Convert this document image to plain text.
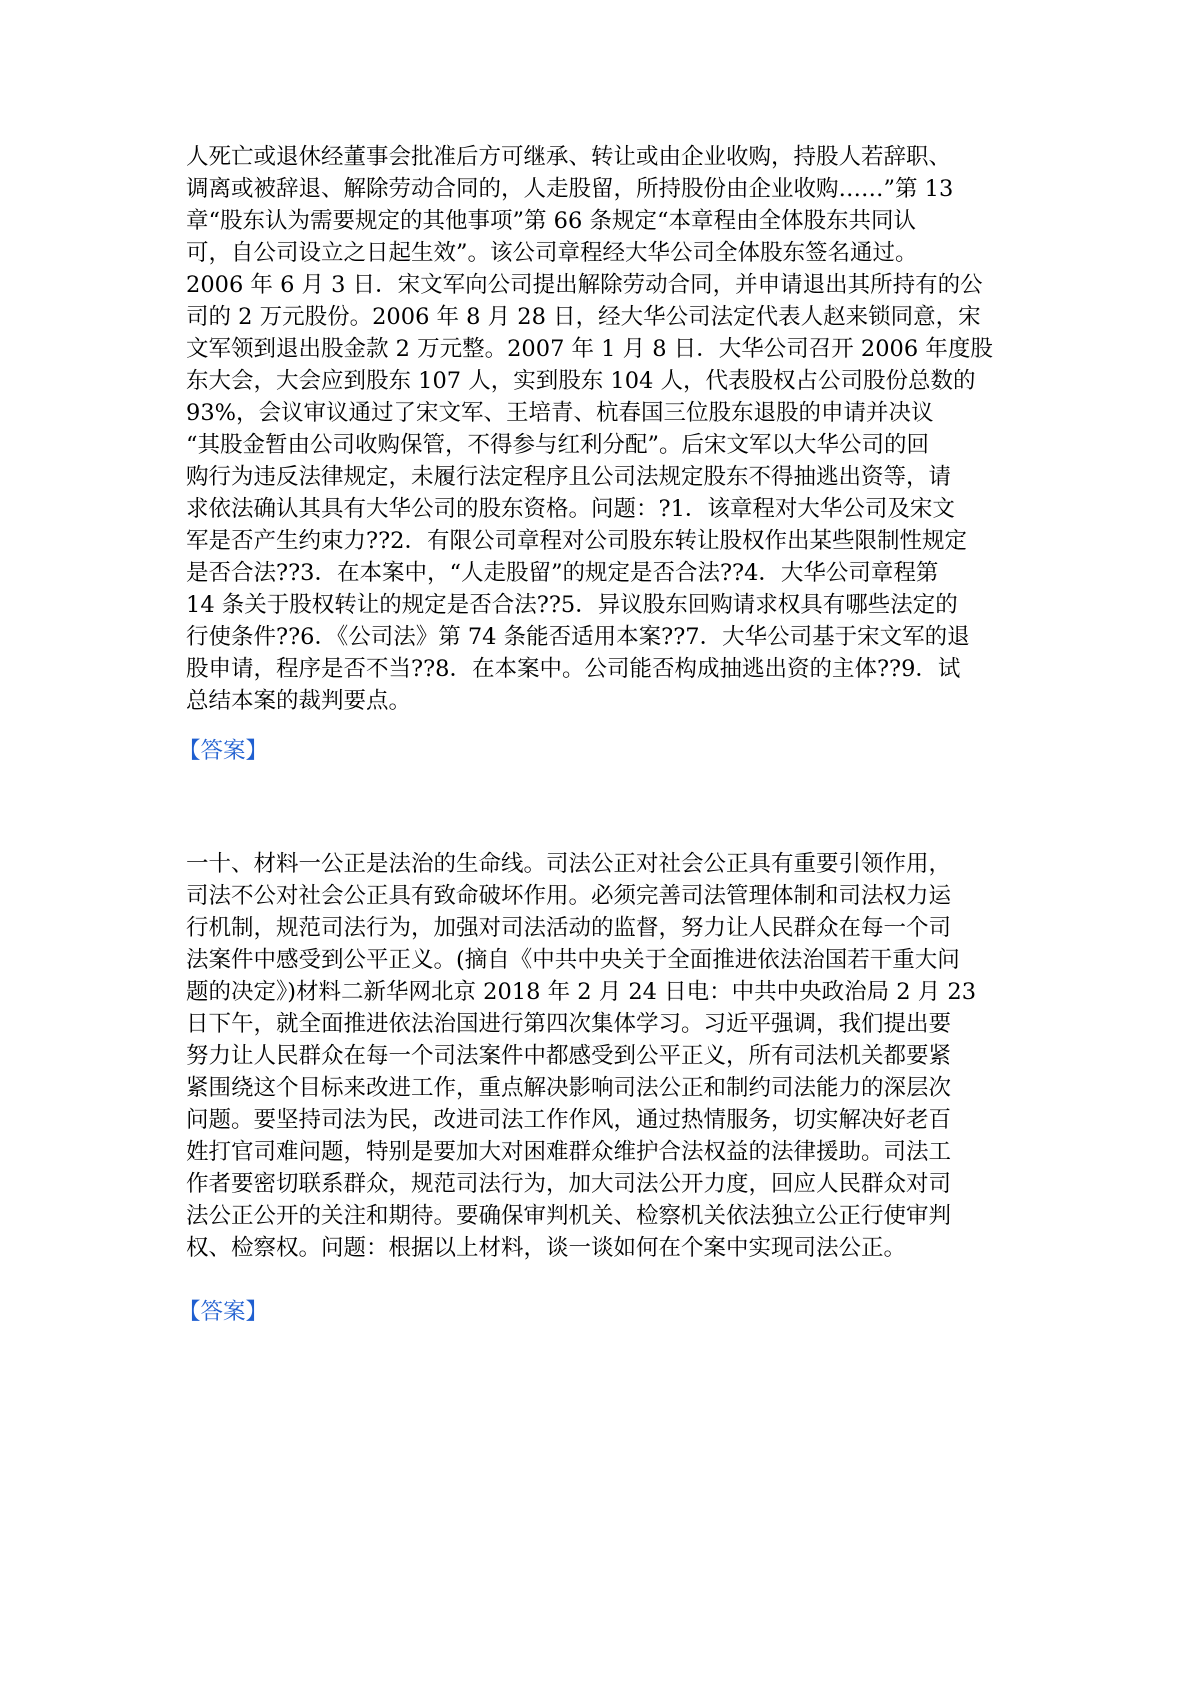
人死亡或退休经董事会批准后方可继承、转让或由企业收购，持股人若辞职、
调离或被辞退、解除劳动合同的，人走股留，所持股份由企业收购……”第 13
章“股东认为需要规定的其他事项”第 66 条规定“本章程由全体股东共同认
可，自公司设立之日起生效”。该公司章程经大华公司全体股东签名通过。
2006 年 6 月 3 日．宋文军向公司提出解除劳动合同，并申请退出其所持有的公
司的 2 万元股份。2006 年 8 月 28 日，经大华公司法定代表人赵来锁同意，宋
文军领到退出股金款 2 万元整。2007 年 1 月 8 日．大华公司召开 2006 年度股
东大会，大会应到股东 107 人，实到股东 104 人，代表股权占公司股份总数的
93%，会议审议通过了宋文军、王培青、杭春国三位股东退股的申请并决议
“其股金暂由公司收购保管，不得参与红利分配”。后宋文军以大华公司的回
购行为违反法律规定，未履行法定程序且公司法规定股东不得抽逃出资等，请
求依法确认其具有大华公司的股东资格。问题：?1．该章程对大华公司及宋文
军是否产生约束力??2．有限公司章程对公司股东转让股权作出某些限制性规定
是否合法??3．在本案中，“人走股留”的规定是否合法??4．大华公司章程第
14 条关于股权转让的规定是否合法??5．异议股东回购请求权具有哪些法定的
行使条件??6．《公司法》第 74 条能否适用本案??7．大华公司基于宋文军的退
股申请，程序是否不当??8．在本案中。公司能否构成抽逃出资的主体??9．试
总结本案的裁判要点。
【答案】
一十、材料一公正是法治的生命线。司法公正对社会公正具有重要引领作用，
司法不公对社会公正具有致命破坏作用。必须完善司法管理体制和司法权力运
行机制，规范司法行为，加强对司法活动的监督，努力让人民群众在每一个司
法案件中感受到公平正义。(摘自《中共中央关于全面推进依法治国若干重大问
题的决定》)材料二新华网北京 2018 年 2 月 24 日电：中共中央政治局 2 月 23
日下午，就全面推进依法治国进行第四次集体学习。习近平强调，我们提出要
努力让人民群众在每一个司法案件中都感受到公平正义，所有司法机关都要紧
紧围绕这个目标来改进工作，重点解决影响司法公正和制约司法能力的深层次
问题。要坚持司法为民，改进司法工作作风，通过热情服务，切实解决好老百
姓打官司难问题，特别是要加大对困难群众维护合法权益的法律援助。司法工
作者要密切联系群众，规范司法行为，加大司法公开力度，回应人民群众对司
法公正公开的关注和期待。要确保审判机关、检察机关依法独立公正行使审判
权、检察权。问题：根据以上材料，谈一谈如何在个案中实现司法公正。
【答案】
